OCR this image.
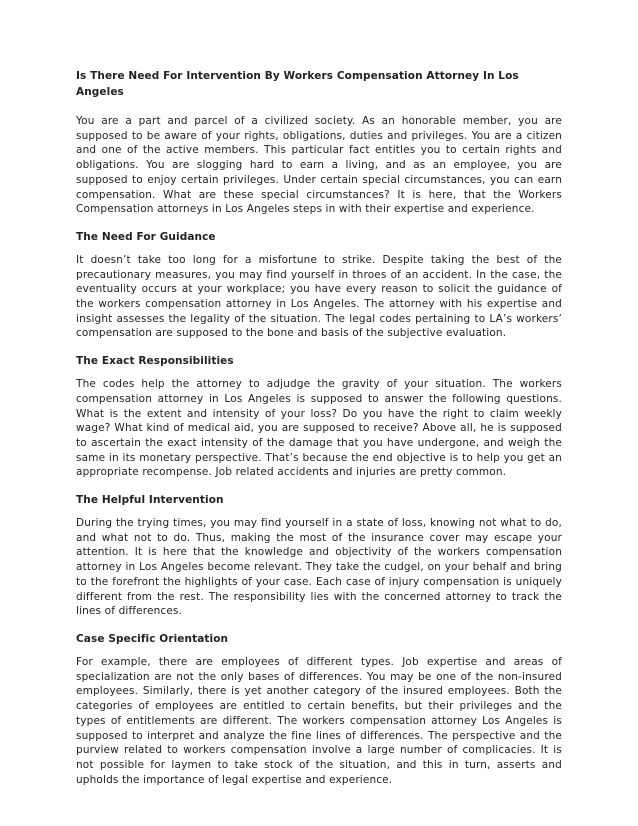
Is There Need For Intervention By Workers Compensation Attorney In Los Angeles

You are a part and parcel of a civilized society. As an honorable member, you are supposed to be aware of your rights, obligations, duties and privileges. You are a citizen and one of the active members. This particular fact entitles you to certain rights and obligations. You are slogging hard to earn a living, and as an employee, you are supposed to enjoy certain privileges. Under certain special circumstances, you can earn compensation. What are these special circumstances? It is here, that the Workers Compensation attorneys in Los Angeles steps in with their expertise and experience.

The Need For Guidance

It doesn’t take too long for a misfortune to strike. Despite taking the best of the precautionary measures, you may find yourself in throes of an accident. In the case, the eventuality occurs at your workplace; you have every reason to solicit the guidance of the workers compensation attorney in Los Angeles. The attorney with his expertise and insight assesses the legality of the situation. The legal codes pertaining to LA’s workers’ compensation are supposed to the bone and basis of the subjective evaluation.

The Exact Responsibilities

The codes help the attorney to adjudge the gravity of your situation. The workers compensation attorney in Los Angeles is supposed to answer the following questions. What is the extent and intensity of your loss? Do you have the right to claim weekly wage? What kind of medical aid, you are supposed to receive? Above all, he is supposed to ascertain the exact intensity of the damage that you have undergone, and weigh the same in its monetary perspective. That’s because the end objective is to help you get an appropriate recompense. Job related accidents and injuries are pretty common.

The Helpful Intervention

During the trying times, you may find yourself in a state of loss, knowing not what to do, and what not to do. Thus, making the most of the insurance cover may escape your attention. It is here that the knowledge and objectivity of the workers compensation attorney in Los Angeles become relevant. They take the cudgel, on your behalf and bring to the forefront the highlights of your case. Each case of injury compensation is uniquely different from the rest. The responsibility lies with the concerned attorney to track the lines of differences.

Case Specific Orientation

For example, there are employees of different types. Job expertise and areas of specialization are not the only bases of differences. You may be one of the non-insured employees. Similarly, there is yet another category of the insured employees. Both the categories of employees are entitled to certain benefits, but their privileges and the types of entitlements are different. The workers compensation attorney Los Angeles is supposed to interpret and analyze the fine lines of differences. The perspective and the purview related to workers compensation involve a large number of complicacies. It is not possible for laymen to take stock of the situation, and this in turn, asserts and upholds the importance of legal expertise and experience.
